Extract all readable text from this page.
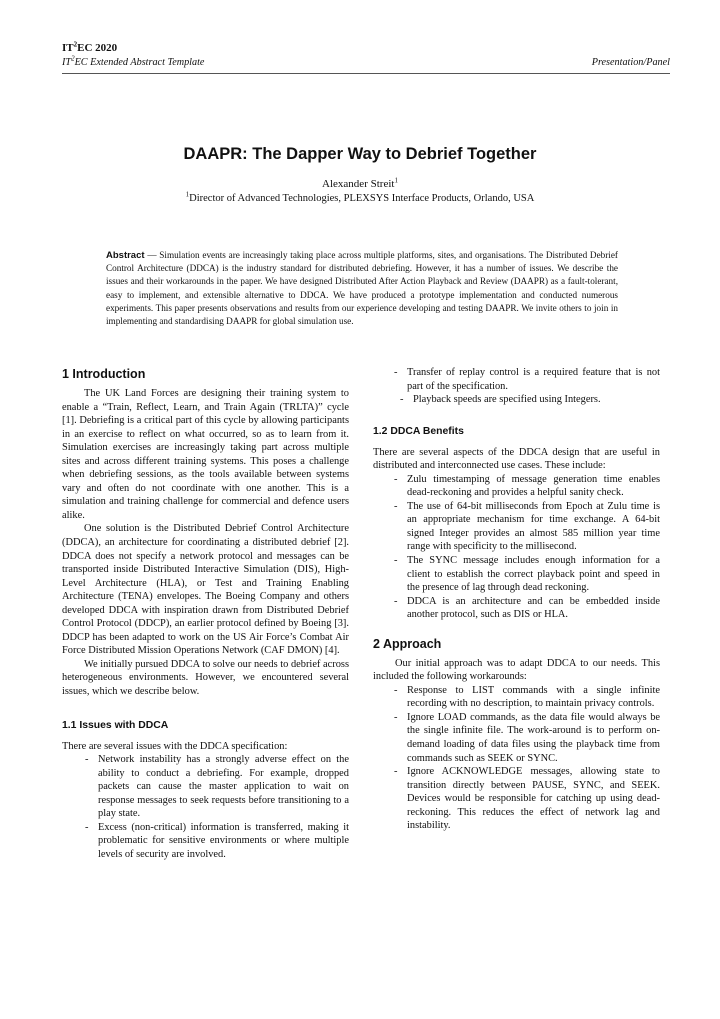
$IT^2EC$ 2020
$IT^2EC$ Extended Abstract Template	Presentation/Panel
DAAPR: The Dapper Way to Debrief Together
Alexander Streit$^1$
$^1$Director of Advanced Technologies, PLEXSYS Interface Products, Orlando, USA
Abstract — Simulation events are increasingly taking place across multiple platforms, sites, and organisations. The Distributed Debrief Control Architecture (DDCA) is the industry standard for distributed debriefing. However, it has a number of issues. We describe the issues and their workarounds in the paper. We have designed Distributed After Action Playback and Review (DAAPR) as a fault-tolerant, easy to implement, and extensible alternative to DDCA. We have produced a prototype implementation and conducted numerous experiments. This paper presents observations and results from our experience developing and testing DAAPR. We invite others to join in implementing and standardising DAAPR for global simulation use.
1 Introduction

The UK Land Forces are designing their training system to enable a “Train, Reflect, Learn, and Train Again (TRLTA)” cycle [1]. Debriefing is a critical part of this cycle by allowing participants in an exercise to reflect on what occurred, so as to learn from it. Simulation exercises are increasingly taking part across multiple sites and across different training systems. This poses a challenge when debriefing sessions, as the tools available between systems vary and often do not coordinate with one another. This is a simulation and training challenge for commercial and defence users alike.

One solution is the Distributed Debrief Control Architecture (DDCA), an architecture for coordinating a distributed debrief [2]. DDCA does not specify a network protocol and messages can be transported inside Distributed Interactive Simulation (DIS), High-Level Architecture (HLA), or Test and Training Enabling Architecture (TENA) envelopes. The Boeing Company and others developed DDCA with inspiration drawn from Distributed Debrief Control Protocol (DDCP), an earlier protocol defined by Boeing [3]. DDCP has been adapted to work on the US Air Force’s Combat Air Force Distributed Mission Operations Network (CAF DMON) [4].

We initially pursued DDCA to solve our needs to debrief across heterogeneous environments. However, we encountered several issues, which we describe below.

1.1 Issues with DDCA

There are several issues with the DDCA specification:

- Network instability has a strongly adverse effect on the ability to conduct a debriefing. For example, dropped packets can cause the master application to wait on response messages to seek requests before transitioning to a play state.
- Excess (non-critical) information is transferred, making it problematic for sensitive environments or where multiple levels of security are involved.
- Transfer of replay control is a required feature that is not part of the specification.
- Playback speeds are specified using Integers.
1.2 DDCA Benefits

There are several aspects of the DDCA design that are useful in distributed and interconnected use cases. These include:

- Zulu timestamping of message generation time enables dead-reckoning and provides a helpful sanity check.
- The use of 64-bit milliseconds from Epoch at Zulu time is an appropriate mechanism for time exchange. A 64-bit signed Integer provides an almost 585 million year time range with specificity to the millisecond.
- The SYNC message includes enough information for a client to establish the correct playback point and speed in the presence of lag through dead reckoning.
- DDCA is an architecture and can be embedded inside another protocol, such as DIS or HLA.
2 Approach

Our initial approach was to adapt DDCA to our needs. This included the following workarounds:

- Response to LIST commands with a single infinite recording with no description, to maintain privacy controls.
- Ignore LOAD commands, as the data file would always be the single infinite file. The work-around is to perform on-demand loading of data files using the playback time from commands such as SEEK or SYNC.
- Ignore ACKNOWLEDGE messages, allowing state to transition directly between PAUSE, SYNC, and SEEK. Devices would be responsible for catching up using dead-reckoning. This reduces the effect of network lag and instability.
